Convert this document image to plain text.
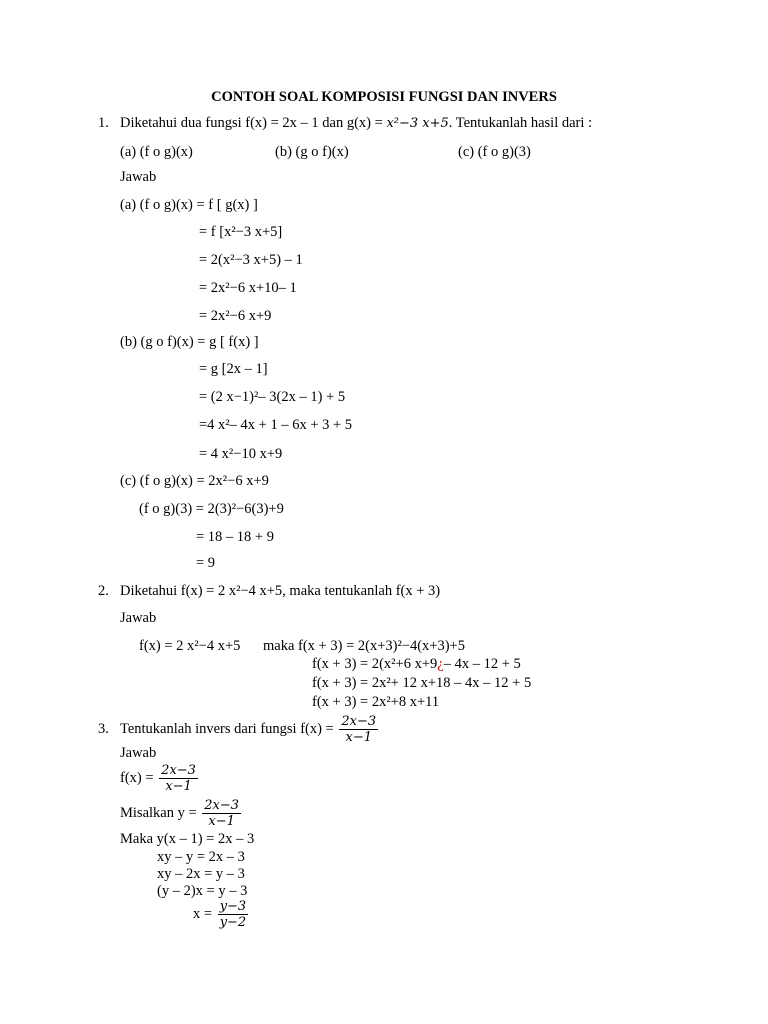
CONTOH SOAL KOMPOSISI FUNGSI DAN INVERS
1. Diketahui dua fungsi f(x) = 2x – 1 dan g(x) = x²−3 x+5. Tentukanlah hasil dari :
(a) (f o g)(x)	(b) (g o f)(x)	(c) (f o g)(3)
Jawab
(a) (f o g)(x) = f [ g(x) ]
= f [x²−3 x+5]
= 2(x²−3 x+5) – 1
= 2x²−6 x+10– 1
= 2x²−6 x+9
(b) (g o f)(x) = g [ f(x) ]
= g [2x – 1]
= (2 x−1)²– 3(2x – 1) + 5
=4 x²– 4x + 1 – 6x + 3 + 5
= 4 x²−10 x+9
(c) (f o g)(x) = 2x²−6 x+9
(f o g)(3) = 2(3)²−6(3)+9
= 18 – 18 + 9
= 9
2. Diketahui f(x) = 2 x²−4 x+5, maka tentukanlah f(x + 3)
Jawab
f(x) = 2 x²−4 x+5 maka f(x + 3) = 2(x+3)²−4(x+3)+5
f(x + 3) = 2(x²+6 x+9¿– 4x – 12 + 5
f(x + 3) = 2x²+ 12 x+18 – 4x – 12 + 5
f(x + 3) = 2x²+8 x+11
3. Tentukanlah invers dari fungsi $f(x) = \frac{2x-3}{x-1}$
Jawab
$f(x) = \frac{2x-3}{x-1}$
Misalkan $y = \frac{2x-3}{x-1}$
Maka y(x – 1) = 2x – 3
xy – y = 2x – 3
xy – 2x = y – 3
(y – 2)x = y – 3
$x = \frac{y-3}{y-2}$
